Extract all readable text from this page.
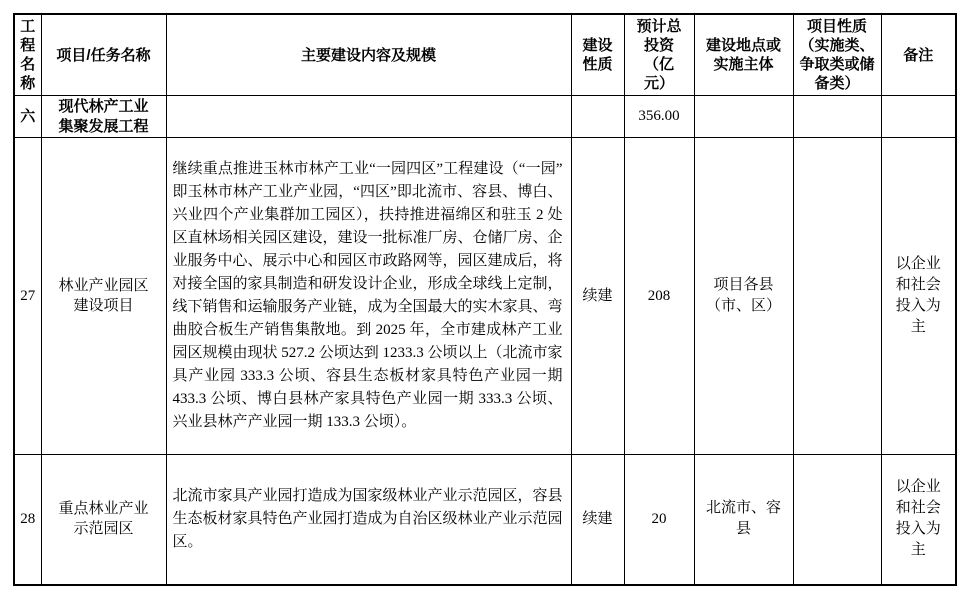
工程名称	项目/任务名称	主要建设内容及规模	建设性质	预计总投资（亿元）	建设地点或实施主体	项目性质（实施类、争取类或储备类）	备注
六	现代林产工业集聚发展工程			356.00			
27	林业产业园区建设项目	继续重点推进玉林市林产工业“一园四区”工程建设（“一园”即玉林市林产工业产业园，“四区”即北流市、容县、博白、兴业四个产业集群加工园区），扶持推进福绵区和驻玉 2 处区直林场相关园区建设，建设一批标准厂房、仓储厂房、企业服务中心、展示中心和园区市政路网等，园区建成后，将对接全国的家具制造和研发设计企业，形成全球线上定制，线下销售和运输服务产业链，成为全国最大的实木家具、弯曲胶合板生产销售集散地。到 2025 年，全市建成林产工业园区规模由现状 527.2 公顷达到 1233.3 公顷以上（北流市家具产业园 333.3 公顷、容县生态板材家具特色产业园一期 433.3 公顷、博白县林产家具特色产业园一期 333.3 公顷、兴业县林产产业园一期 133.3 公顷）。	续建	208	项目各县（市、区）		以企业和社会投入为主
28	重点林业产业示范园区	北流市家具产业园打造成为国家级林业产业示范园区，容县生态板材家具特色产业园打造成为自治区级林业产业示范园区。	续建	20	北流市、容县		以企业和社会投入为主
